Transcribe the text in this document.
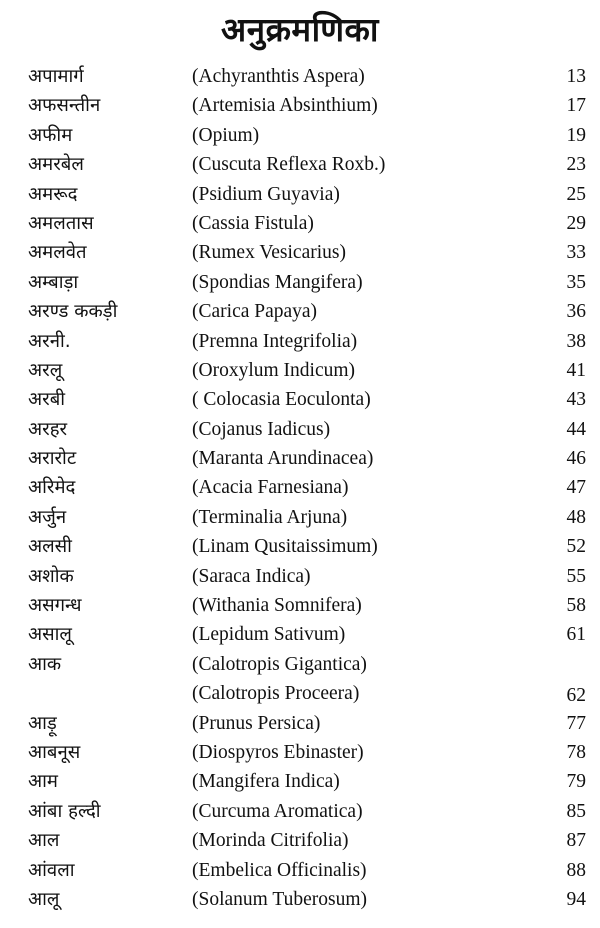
अनुक्रमणिका
अपामार्ग	(Achyranthtis Aspera)	13
अफसन्तीन	(Artemisia Absinthium)	17
अफीम	(Opium)	19
अमरबेल	(Cuscuta Reflexa Roxb.)	23
अमरूद	(Psidium Guyavia)	25
अमलतास	(Cassia Fistula)	29
अमलवेत	(Rumex Vesicarius)	33
अम्बाड़ा	(Spondias Mangifera)	35
अरण्ड ककड़ी	(Carica Papaya)	36
अरनी.	(Premna Integrifolia)	38
अरलू	(Oroxylum Indicum)	41
अरबी	( Colocasia Eoculonta)	43
अरहर	(Cojanus Iadicus)	44
अरारोट	(Maranta Arundinacea)	46
अरिमेद	(Acacia Farnesiana)	47
अर्जुन	(Terminalia Arjuna)	48
अलसी	(Linam Qusitaissimum)	52
अशोक	(Saraca Indica)	55
असगन्ध	(Withania Somnifera)	58
असालू	(Lepidum Sativum)	61
आक	(Calotropis Gigantica)
(Calotropis Proceera)	62
आड़ू	(Prunus Persica)	77
आबनूस	(Diospyros Ebinaster)	78
आम	(Mangifera Indica)	79
आंबा हल्दी	(Curcuma Aromatica)	85
आल	(Morinda Citrifolia)	87
आंवला	(Embelica Officinalis)	88
आलू	(Solanum Tuberosum)	94
